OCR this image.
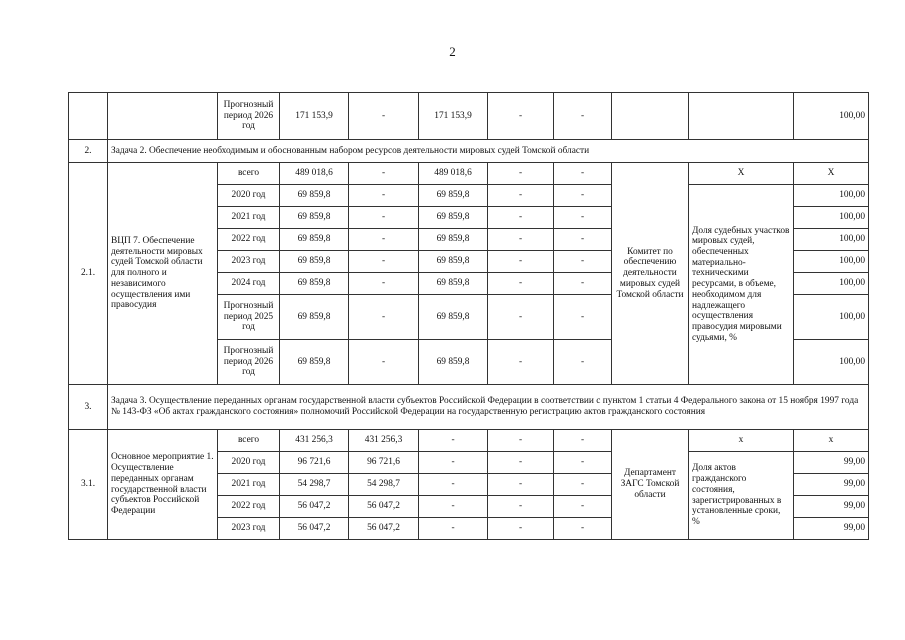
2
		Прогнозный период 2026 год	171 153,9	-	171 153,9	-	-			100,00
2.	Задача 2. Обеспечение необходимым и обоснованным набором ресурсов деятельности мировых судей Томской области									
2.1.	ВЦП 7. Обеспечение деятельности мировых судей Томской области для полного и независимого осуществления ими правосудия	всего	489 018,6	-	489 018,6	-	-	Комитет по обеспечению деятельности мировых судей Томской области	X	X
		2020 год	69 859,8	-	69 859,8	-	-		Доля судебных участков мировых судей, обеспеченных материально-техническими ресурсами, в объеме, необходимом для надлежащего осуществления правосудия мировыми судьями, %	100,00
		2021 год	69 859,8	-	69 859,8	-	-			100,00
		2022 год	69 859,8	-	69 859,8	-	-			100,00
		2023 год	69 859,8	-	69 859,8	-	-			100,00
		2024 год	69 859,8	-	69 859,8	-	-			100,00
		Прогнозный период 2025 год	69 859,8	-	69 859,8	-	-			100,00
		Прогнозный период 2026 год	69 859,8	-	69 859,8	-	-			100,00
3.	Задача 3. Осуществление переданных органам государственной власти субъектов Российской Федерации в соответствии с пунктом 1 статьи 4 Федерального закона от 15 ноября 1997 года № 143-ФЗ «Об актах гражданского состояния» полномочий Российской Федерации на государственную регистрацию актов гражданского состояния									
3.1.	Основное мероприятие 1. Осуществление переданных органам государственной власти субъектов Российской Федерации	всего	431 256,3	431 256,3	-	-	-	Департамент ЗАГС Томской области	x	x
		2020 год	96 721,6	96 721,6	-	-	-		Доля актов гражданского состояния, зарегистрированных в установленные сроки, %	99,00
		2021 год	54 298,7	54 298,7	-	-	-			99,00
		2022 год	56 047,2	56 047,2	-	-	-			99,00
		2023 год	56 047,2	56 047,2	-	-	-			99,00
